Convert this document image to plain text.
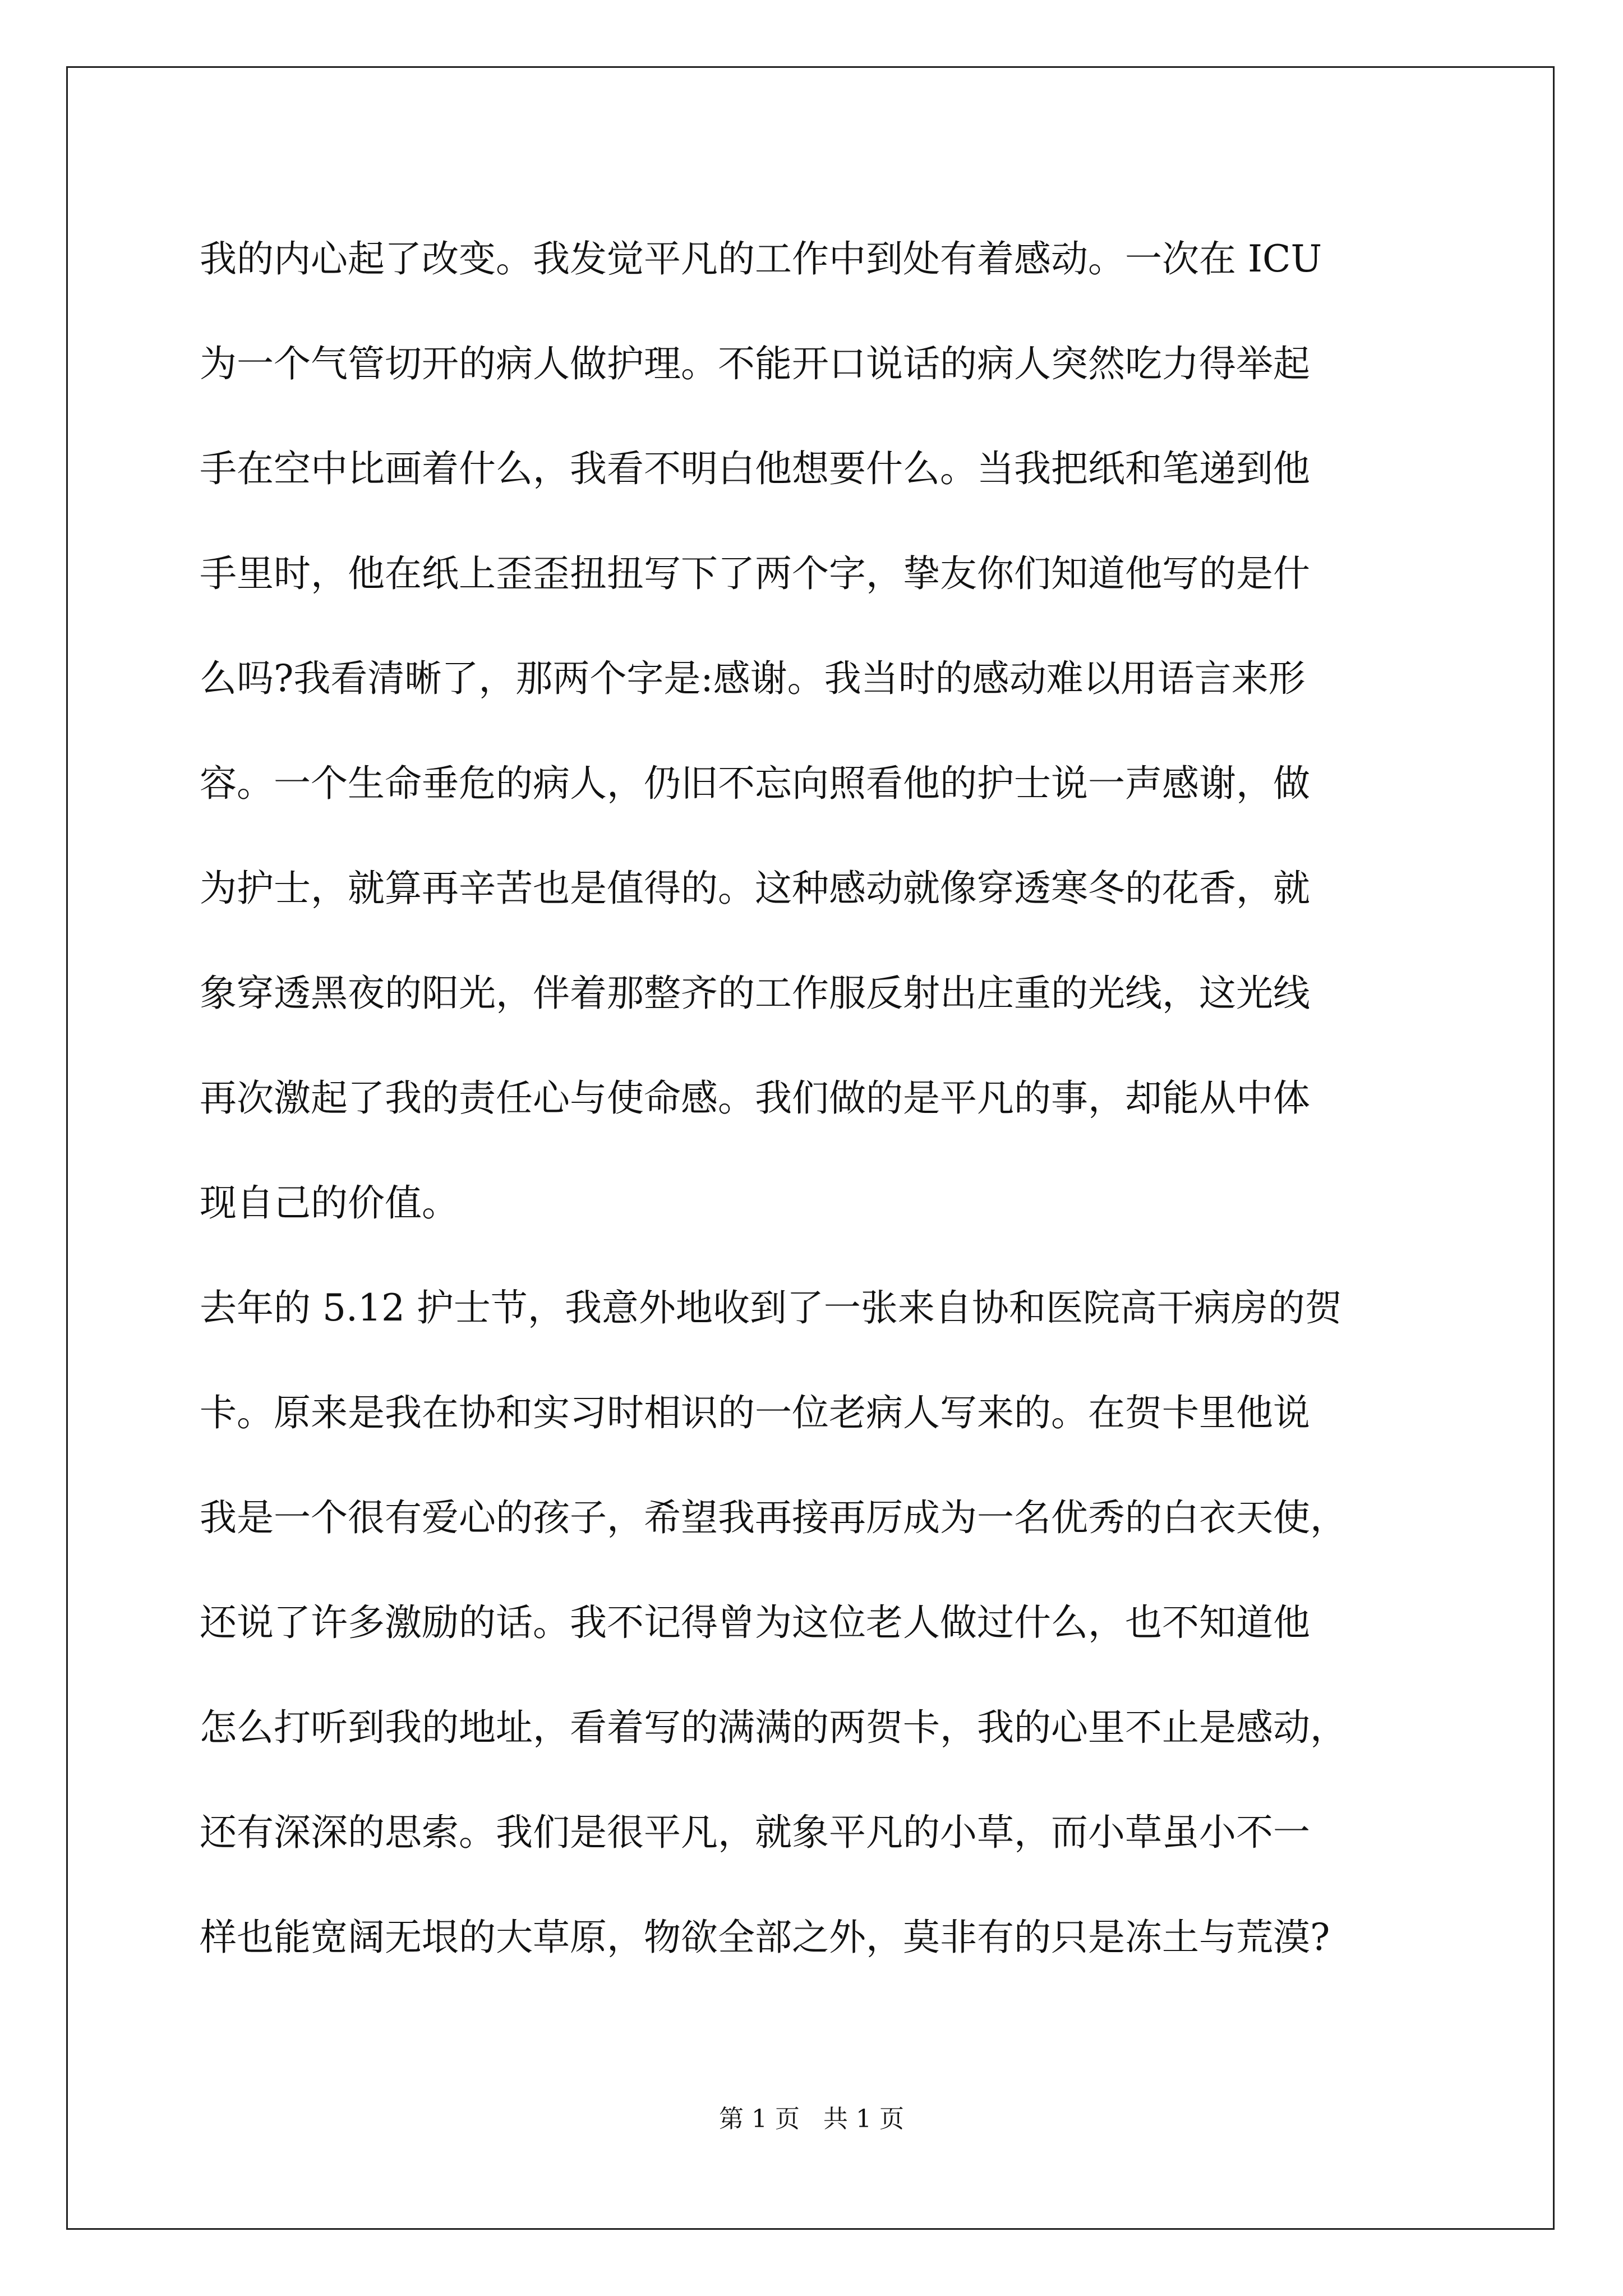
我的内心起了改变。我发觉平凡的工作中到处有着感动。一次在 ICU
为一个气管切开的病人做护理。不能开口说话的病人突然吃力得举起
手在空中比画着什么，我看不明白他想要什么。当我把纸和笔递到他
手里时，他在纸上歪歪扭扭写下了两个字，挚友你们知道他写的是什
么吗?我看清晰了，那两个字是:感谢。我当时的感动难以用语言来形
容。一个生命垂危的病人，仍旧不忘向照看他的护士说一声感谢，做
为护士，就算再辛苦也是值得的。这种感动就像穿透寒冬的花香，就
象穿透黑夜的阳光，伴着那整齐的工作服反射出庄重的光线，这光线
再次激起了我的责任心与使命感。我们做的是平凡的事，却能从中体
现自己的价值。
去年的 5.12 护士节，我意外地收到了一张来自协和医院高干病房的贺
卡。原来是我在协和实习时相识的一位老病人写来的。在贺卡里他说
我是一个很有爱心的孩子，希望我再接再厉成为一名优秀的白衣天使，
还说了许多激励的话。我不记得曾为这位老人做过什么，也不知道他
怎么打听到我的地址，看着写的满满的两贺卡，我的心里不止是感动，
还有深深的思索。我们是很平凡，就象平凡的小草，而小草虽小不一
样也能宽阔无垠的大草原，物欲全部之外，莫非有的只是冻土与荒漠?
第 1 页   共 1 页
